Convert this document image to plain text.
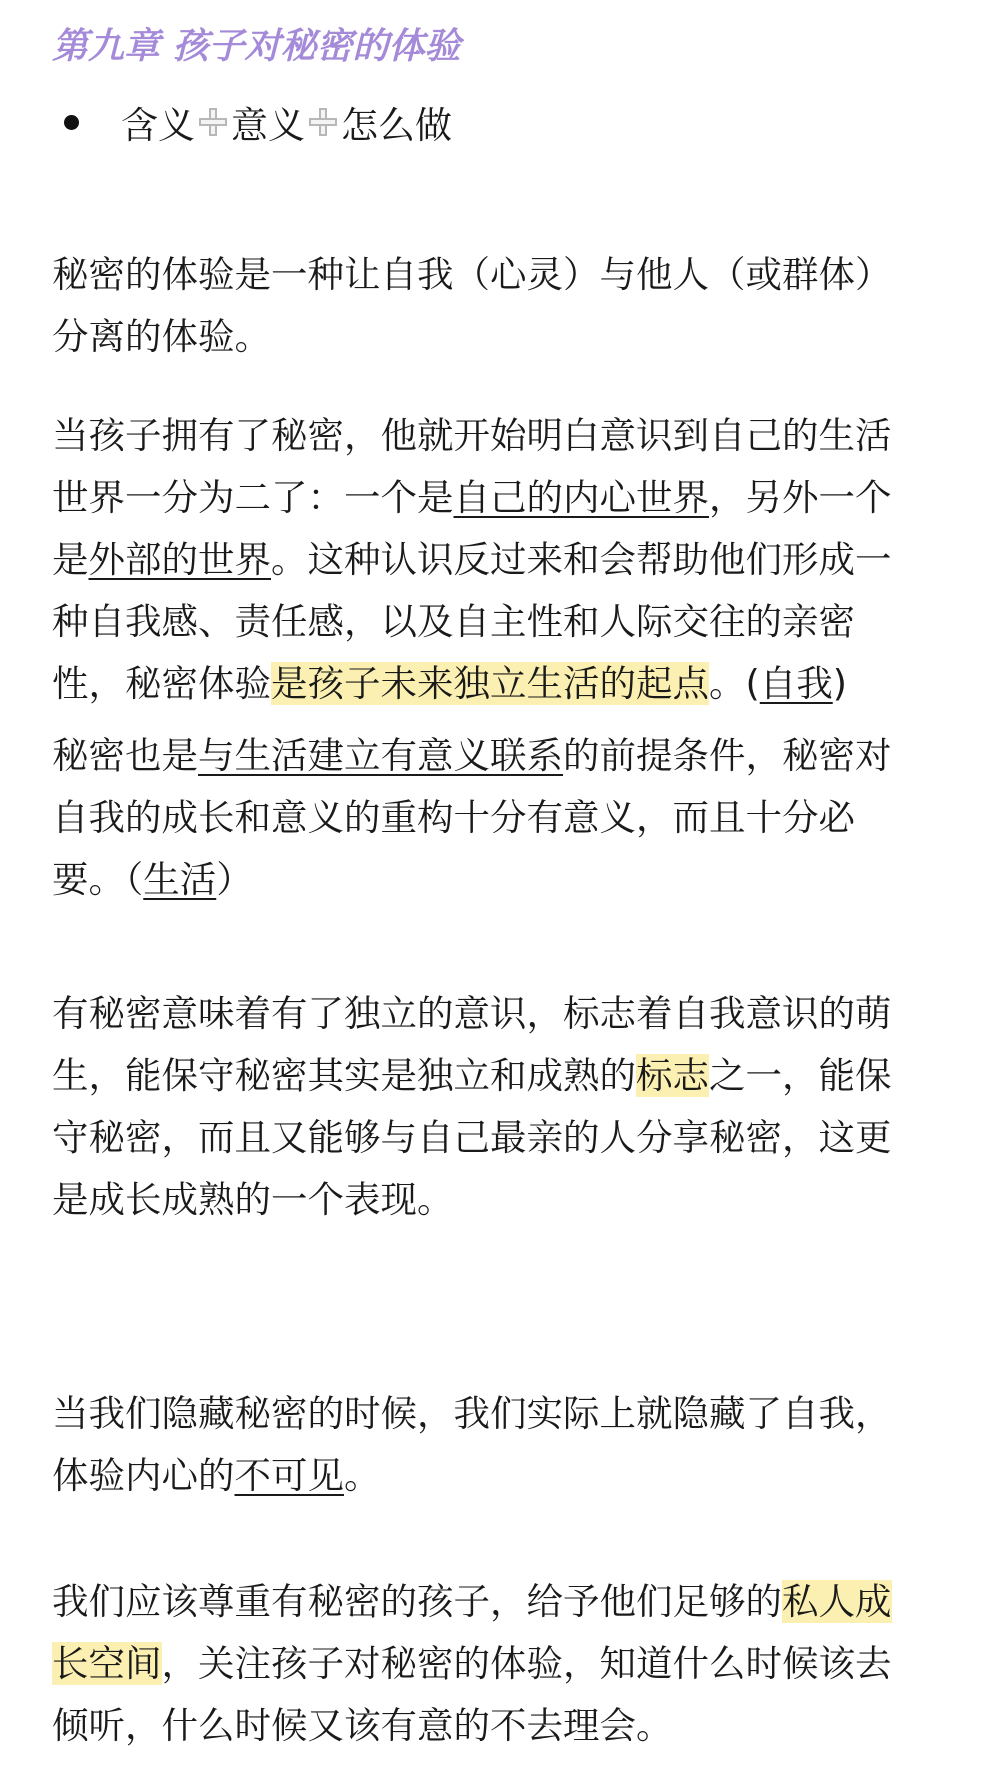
第九章 孩子对秘密的体验
含义 意义 怎么做

秘密的体验是一种让自我（心灵）与他人（或群体）
分离的体验。

当孩子拥有了秘密，他就开始明白意识到自己的生活
世界一分为二了：一个是自己的内心世界，另外一个
是外部的世界。这种认识反过来和会帮助他们形成一
种自我感、责任感，以及自主性和人际交往的亲密
性，秘密体验是孩子未来独立生活的起点。(自我)

秘密也是与生活建立有意义联系的前提条件，秘密对
自我的成长和意义的重构十分有意义，而且十分必
要。（生活）

有秘密意味着有了独立的意识，标志着自我意识的萌
生，能保守秘密其实是独立和成熟的标志之一，能保
守秘密，而且又能够与自己最亲的人分享秘密，这更
是成长成熟的一个表现。

当我们隐藏秘密的时候，我们实际上就隐藏了自我，
体验内心的不可见。

我们应该尊重有秘密的孩子，给予他们足够的私人成
长空间，关注孩子对秘密的体验，知道什么时候该去
倾听，什么时候又该有意的不去理会。
